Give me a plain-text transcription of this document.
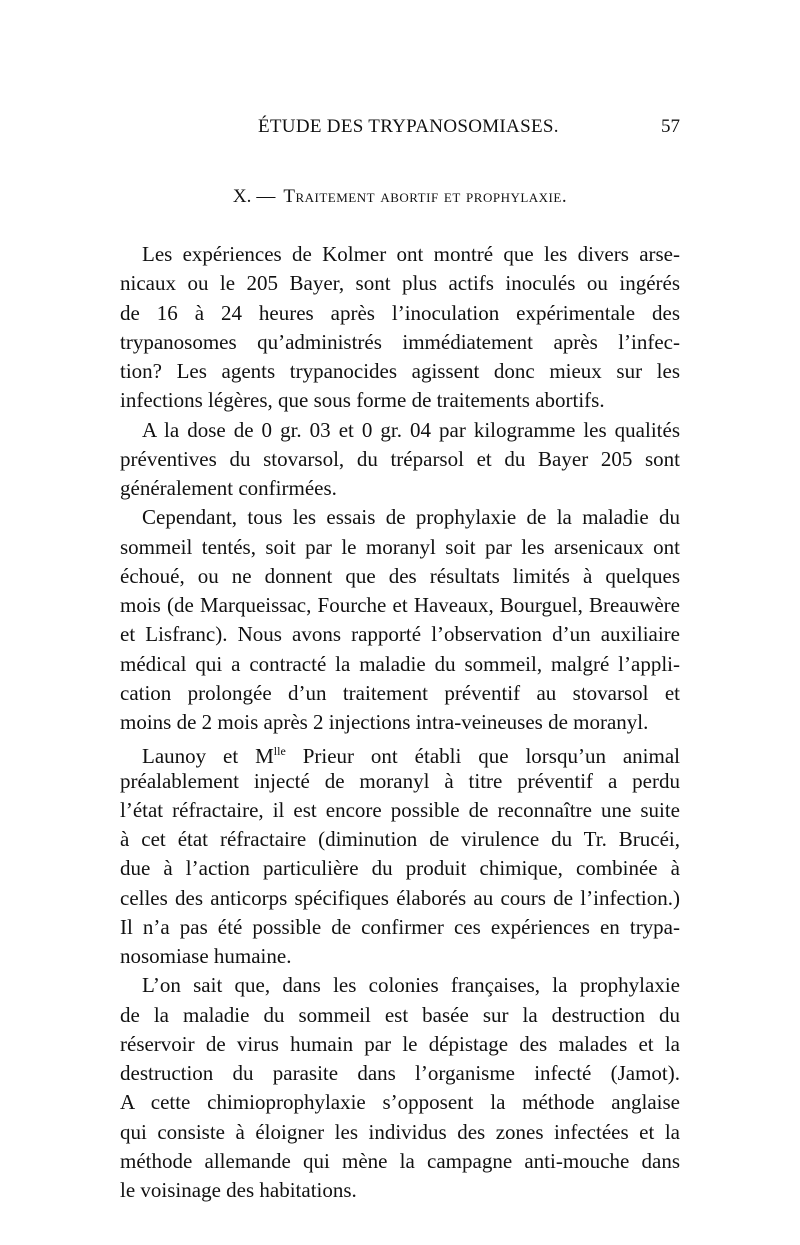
ÉTUDE DES TRYPANOSOMIASES.	57
X. — Traitement abortif et prophylaxie.
Les expériences de Kolmer ont montré que les divers arse-
nicaux ou le 205 Bayer, sont plus actifs inoculés ou ingérés
de 16 à 24 heures après l’inoculation expérimentale des
trypanosomes qu’administrés immédiatement après l’infec-
tion? Les agents trypanocides agissent donc mieux sur les
infections légères, que sous forme de traitements abortifs.
A la dose de 0 gr. 03 et 0 gr. 04 par kilogramme les qualités
préventives du stovarsol, du tréparsol et du Bayer 205 sont
généralement confirmées.
Cependant, tous les essais de prophylaxie de la maladie du
sommeil tentés, soit par le moranyl soit par les arsenicaux ont
échoué, ou ne donnent que des résultats limités à quelques
mois (de Marqueissac, Fourche et Haveaux, Bourguel, Breauwère
et Lisfranc). Nous avons rapporté l’observation d’un auxiliaire
médical qui a contracté la maladie du sommeil, malgré l’appli-
cation prolongée d’un traitement préventif au stovarsol et
moins de 2 mois après 2 injections intra-veineuses de moranyl.
Launoy et $M^{lle}$ Prieur ont établi que lorsqu’un animal
préalablement injecté de moranyl à titre préventif a perdu
l’état réfractaire, il est encore possible de reconnaître une suite
à cet état réfractaire (diminution de virulence du Tr. Brucéi,
due à l’action particulière du produit chimique, combinée à
celles des anticorps spécifiques élaborés au cours de l’infection.)
Il n’a pas été possible de confirmer ces expériences en trypa-
nosomiase humaine.
L’on sait que, dans les colonies françaises, la prophylaxie
de la maladie du sommeil est basée sur la destruction du
réservoir de virus humain par le dépistage des malades et la
destruction du parasite dans l’organisme infecté (Jamot).
A cette chimioprophylaxie s’opposent la méthode anglaise
qui consiste à éloigner les individus des zones infectées et la
méthode allemande qui mène la campagne anti-mouche dans
le voisinage des habitations.
